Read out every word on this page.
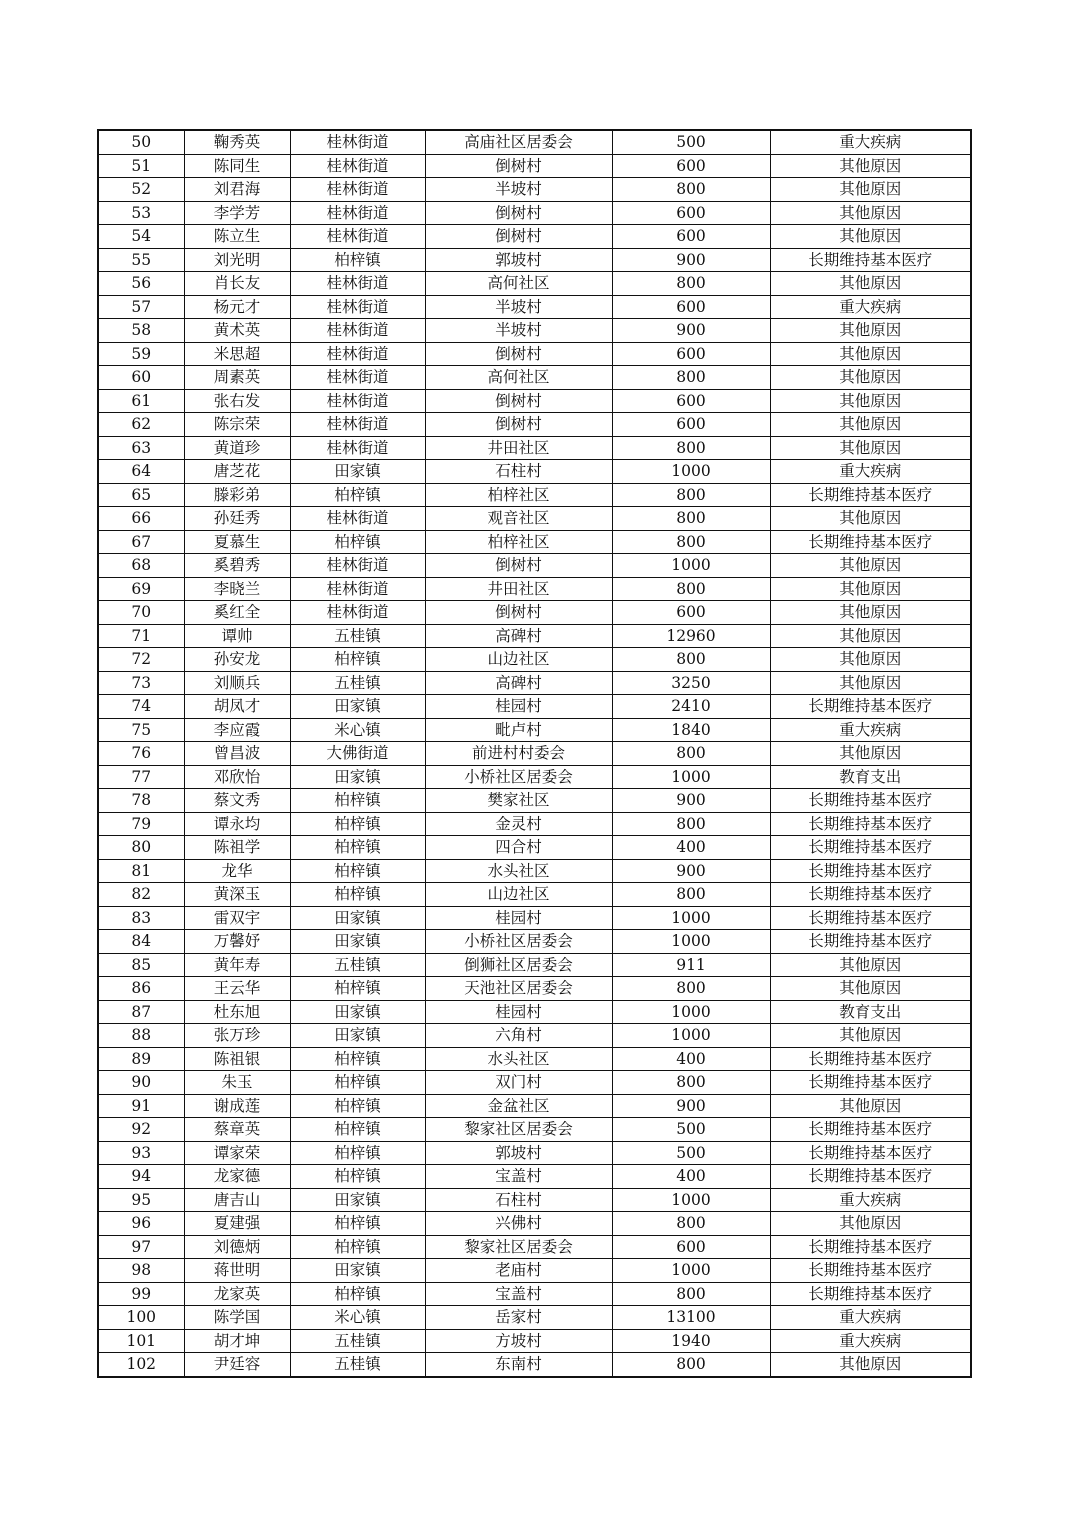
50	鞠秀英	桂林街道	高庙社区居委会	500	重大疾病
51	陈同生	桂林街道	倒树村	600	其他原因
52	刘君海	桂林街道	半坡村	800	其他原因
53	李学芳	桂林街道	倒树村	600	其他原因
54	陈立生	桂林街道	倒树村	600	其他原因
55	刘光明	柏梓镇	郭坡村	900	长期维持基本医疗
56	肖长友	桂林街道	高何社区	800	其他原因
57	杨元才	桂林街道	半坡村	600	重大疾病
58	黄术英	桂林街道	半坡村	900	其他原因
59	米思超	桂林街道	倒树村	600	其他原因
60	周素英	桂林街道	高何社区	800	其他原因
61	张右发	桂林街道	倒树村	600	其他原因
62	陈宗荣	桂林街道	倒树村	600	其他原因
63	黄道珍	桂林街道	井田社区	800	其他原因
64	唐芝花	田家镇	石柱村	1000	重大疾病
65	滕彩弟	柏梓镇	柏梓社区	800	长期维持基本医疗
66	孙廷秀	桂林街道	观音社区	800	其他原因
67	夏慕生	柏梓镇	柏梓社区	800	长期维持基本医疗
68	奚碧秀	桂林街道	倒树村	1000	其他原因
69	李晓兰	桂林街道	井田社区	800	其他原因
70	奚红全	桂林街道	倒树村	600	其他原因
71	谭帅	五桂镇	高碑村	12960	其他原因
72	孙安龙	柏梓镇	山边社区	800	其他原因
73	刘顺兵	五桂镇	高碑村	3250	其他原因
74	胡凤才	田家镇	桂园村	2410	长期维持基本医疗
75	李应霞	米心镇	毗卢村	1840	重大疾病
76	曾昌波	大佛街道	前进村村委会	800	其他原因
77	邓欣怡	田家镇	小桥社区居委会	1000	教育支出
78	蔡文秀	柏梓镇	樊家社区	900	长期维持基本医疗
79	谭永均	柏梓镇	金灵村	800	长期维持基本医疗
80	陈祖学	柏梓镇	四合村	400	长期维持基本医疗
81	龙华	柏梓镇	水头社区	900	长期维持基本医疗
82	黄深玉	柏梓镇	山边社区	800	长期维持基本医疗
83	雷双宇	田家镇	桂园村	1000	长期维持基本医疗
84	万馨妤	田家镇	小桥社区居委会	1000	长期维持基本医疗
85	黄年寿	五桂镇	倒狮社区居委会	911	其他原因
86	王云华	柏梓镇	天池社区居委会	800	其他原因
87	杜东旭	田家镇	桂园村	1000	教育支出
88	张万珍	田家镇	六角村	1000	其他原因
89	陈祖银	柏梓镇	水头社区	400	长期维持基本医疗
90	朱玉	柏梓镇	双门村	800	长期维持基本医疗
91	谢成莲	柏梓镇	金盆社区	900	其他原因
92	蔡章英	柏梓镇	黎家社区居委会	500	长期维持基本医疗
93	谭家荣	柏梓镇	郭坡村	500	长期维持基本医疗
94	龙家德	柏梓镇	宝盖村	400	长期维持基本医疗
95	唐吉山	田家镇	石柱村	1000	重大疾病
96	夏建强	柏梓镇	兴佛村	800	其他原因
97	刘德炳	柏梓镇	黎家社区居委会	600	长期维持基本医疗
98	蒋世明	田家镇	老庙村	1000	长期维持基本医疗
99	龙家英	柏梓镇	宝盖村	800	长期维持基本医疗
100	陈学国	米心镇	岳家村	13100	重大疾病
101	胡才坤	五桂镇	方坡村	1940	重大疾病
102	尹廷容	五桂镇	东南村	800	其他原因
